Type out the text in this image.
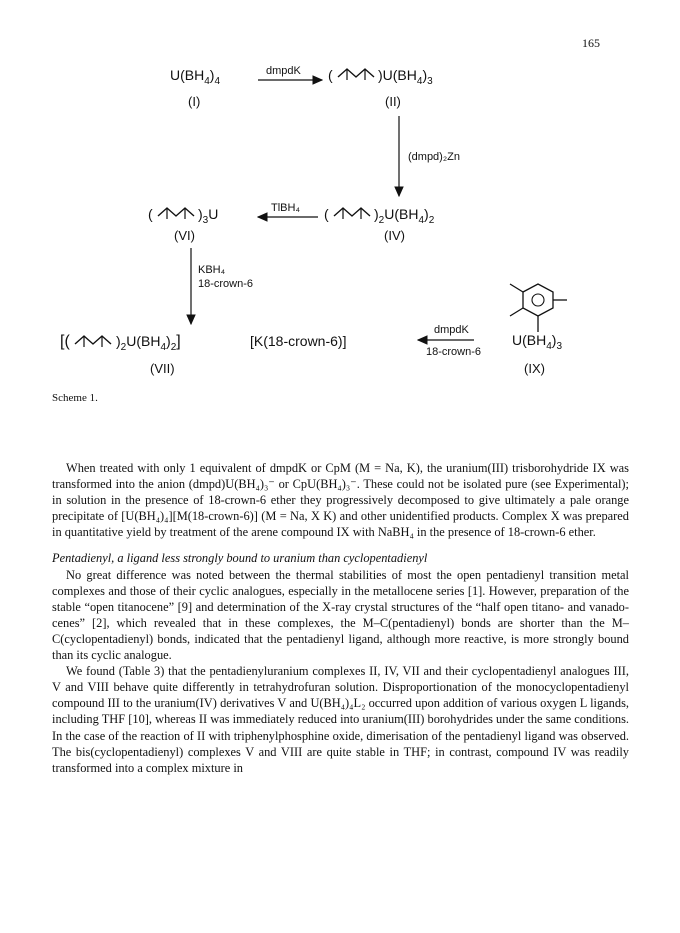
165
$U(BH_4)_4$
(I)
dmpdK (	)$U(BH_4)_3$
(II)
(dmpd)₂Zn
(	)$_3U$
(VI)
TlBH₄ (	)$_2U(BH_4)_2$
(IV)
KBH₄
18-crown-6
[(	)$_2U(BH_4)_2$]	[K(18-crown-6)]
(VII)
dmpdK
18-crown-6
$U(BH_4)_3$
(IX)
Scheme 1.

When treated with only 1 equivalent of dmpdK or CpM (M = Na, K), the uranium(III) trisborohydride IX was transformed into the anion (dmpd)U(BH₄)₃⁻ or CpU(BH₄)₃⁻. These could not be isolated pure (see Experimental); in solution in the presence of 18-crown-6 ether they progressively decomposed to give ultimately a pale orange precipitate of [U(BH₄)₄][M(18-crown-6)] (M = Na, X K) and other unidentified products. Complex X was prepared in quantitative yield by treatment of the arene compound IX with NaBH₄ in the presence of 18-crown-6 ether.

Pentadienyl, a ligand less strongly bound to uranium than cyclopentadienyl

No great difference was noted between the thermal stabilities of most the open pentadienyl transition metal complexes and those of their cyclic analogues, especially in the metallocene series [1]. However, preparation of the stable “open titanocene” [9] and determination of the X-ray crystal structures of the “half open titano- and vanado-cenes” [2], which revealed that in these complexes, the M–C(pentadienyl) bonds are shorter than the M–C(cyclopentadienyl) bonds, indicated that the pentadienyl ligand, although more reactive, is more strongly bound than its cyclic analogue.

We found (Table 3) that the pentadienyluranium complexes II, IV, VII and their cyclopentadienyl analogues III, V and VIII behave quite differently in tetrahydrofuran solution. Disproportionation of the monocyclopentadienyl compound III to the uranium(IV) derivatives V and U(BH₄)₄L₂ occurred upon addition of various oxygen L ligands, including THF [10], whereas II was immediately reduced into uranium(III) borohydrides under the same conditions. In the case of the reaction of II with triphenylphosphine oxide, dimerisation of the pentadienyl ligand was observed. The bis(cyclopentadienyl) complexes V and VIII are quite stable in THF; in contrast, compound IV was readily transformed into a complex mixture in
